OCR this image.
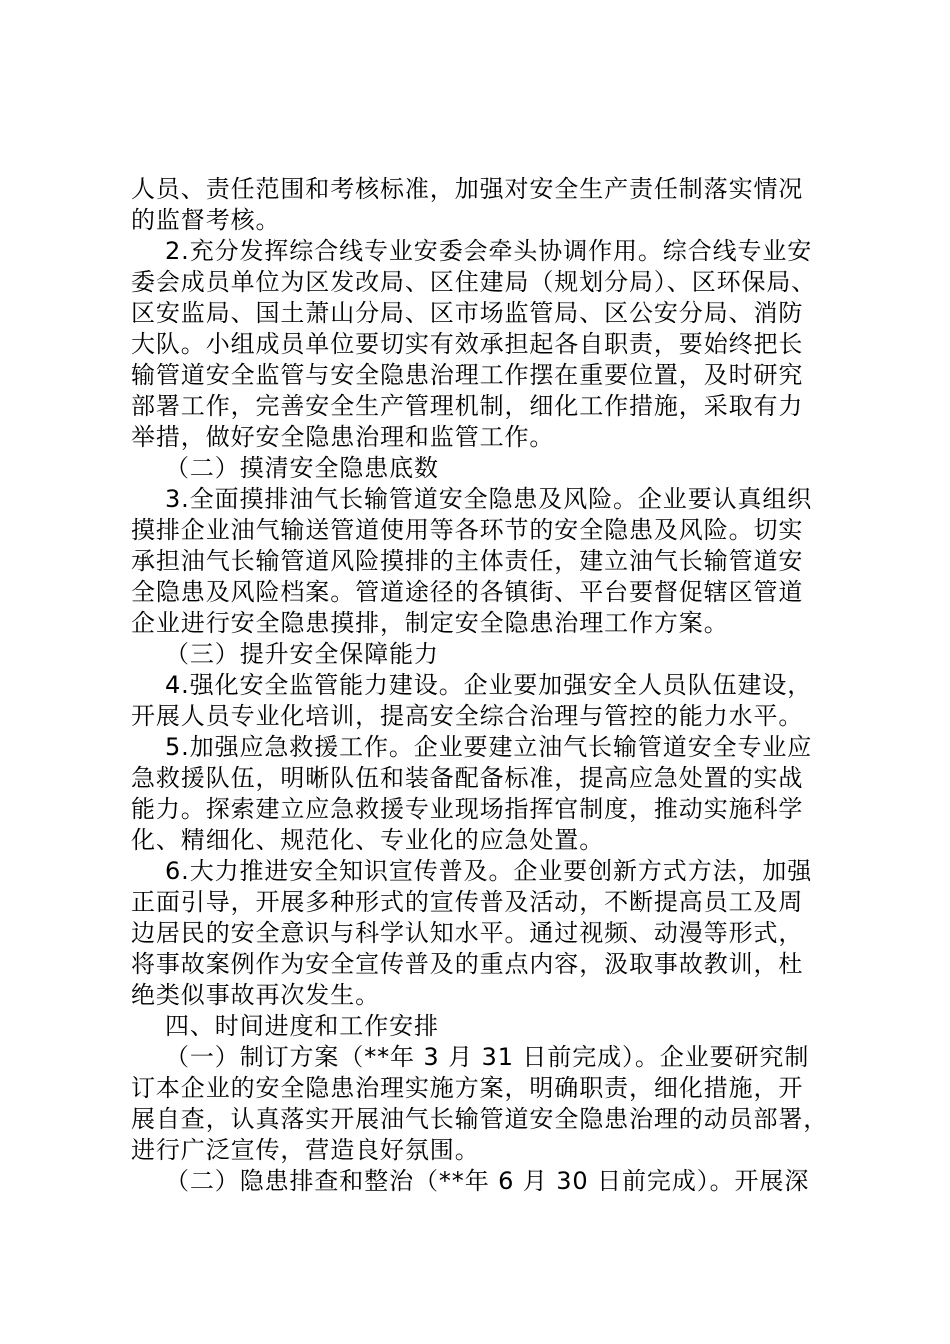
人员、责任范围和考核标准，加强对安全生产责任制落实情况
的监督考核。
2.充分发挥综合线专业安委会牵头协调作用。综合线专业安
委会成员单位为区发改局、区住建局（规划分局）、区环保局、
区安监局、国土萧山分局、区市场监管局、区公安分局、消防
大队。小组成员单位要切实有效承担起各自职责，要始终把长
输管道安全监管与安全隐患治理工作摆在重要位置，及时研究
部署工作，完善安全生产管理机制，细化工作措施，采取有力
举措，做好安全隐患治理和监管工作。
（二）摸清安全隐患底数
3.全面摸排油气长输管道安全隐患及风险。企业要认真组织
摸排企业油气输送管道使用等各环节的安全隐患及风险。切实
承担油气长输管道风险摸排的主体责任，建立油气长输管道安
全隐患及风险档案。管道途径的各镇街、平台要督促辖区管道
企业进行安全隐患摸排，制定安全隐患治理工作方案。
（三）提升安全保障能力
4.强化安全监管能力建设。企业要加强安全人员队伍建设，
开展人员专业化培训，提高安全综合治理与管控的能力水平。
5.加强应急救援工作。企业要建立油气长输管道安全专业应
急救援队伍，明晰队伍和装备配备标准，提高应急处置的实战
能力。探索建立应急救援专业现场指挥官制度，推动实施科学
化、精细化、规范化、专业化的应急处置。
6.大力推进安全知识宣传普及。企业要创新方式方法，加强
正面引导，开展多种形式的宣传普及活动，不断提高员工及周
边居民的安全意识与科学认知水平。通过视频、动漫等形式，
将事故案例作为安全宣传普及的重点内容，汲取事故教训，杜
绝类似事故再次发生。
四、时间进度和工作安排
（一）制订方案（**年 3 月 31 日前完成）。企业要研究制
订本企业的安全隐患治理实施方案，明确职责，细化措施，开
展自查，认真落实开展油气长输管道安全隐患治理的动员部署，
进行广泛宣传，营造良好氛围。
（二）隐患排查和整治（**年 6 月 30 日前完成）。开展深
